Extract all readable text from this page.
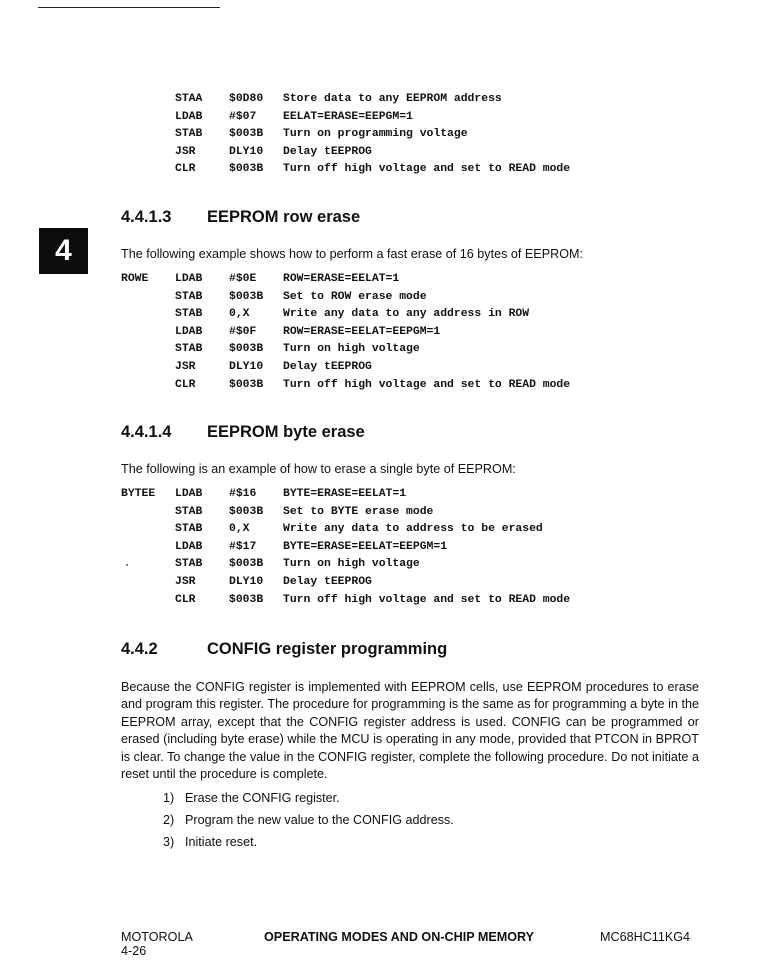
4
STAA $0D80 Store data to any EEPROM address
LDAB #$07 EELAT=ERASE=EEPGM=1
STAB $003B Turn on programming voltage
JSR	DLY10 Delay tEEPROG
CLR	$003B Turn off high voltage and set to READ mode
4.4.1.3 EEPROM row erase
The following example shows how to perform a fast erase of 16 bytes of EEPROM:
ROWE LDAB #$0E ROW=ERASE=EELAT=1
STAB $003B Set to ROW erase mode
STAB 0,X	Write any data to any address in ROW
LDAB #$0F ROW=ERASE=EELAT=EEPGM=1
STAB $003B Turn on high voltage
JSR	DLY10 Delay tEEPROG
CLR	$003B Turn off high voltage and set to READ mode
4.4.1.4 EEPROM byte erase
The following is an example of how to erase a single byte of EEPROM:
BYTEE LDAB #$16 BYTE=ERASE=EELAT=1
STAB $003B Set to BYTE erase mode
STAB 0,X	Write any data to address to be erased
LDAB #$17 BYTE=ERASE=EELAT=EEPGM=1
STAB $003B Turn on high voltage
JSR	DLY10 Delay tEEPROG
CLR	$003B Turn off high voltage and set to READ mode
4.4.2	CONFIG register programming
Because the CONFIG register is implemented with EEPROM cells, use EEPROM procedures to erase and program this register. The procedure for programming is the same as for programming a byte in the EEPROM array, except that the CONFIG register address is used. CONFIG can be programmed or erased (including byte erase) while the MCU is operating in any mode, provided that PTCON in BPROT is clear. To change the value in the CONFIG register, complete the following procedure. Do not initiate a reset until the procedure is complete.
1) Erase the CONFIG register.
2) Program the new value to the CONFIG address.
3) Initiate reset.
MOTOROLA
4-26
OPERATING MODES AND ON-CHIP MEMORY	MC68HC11KG4
